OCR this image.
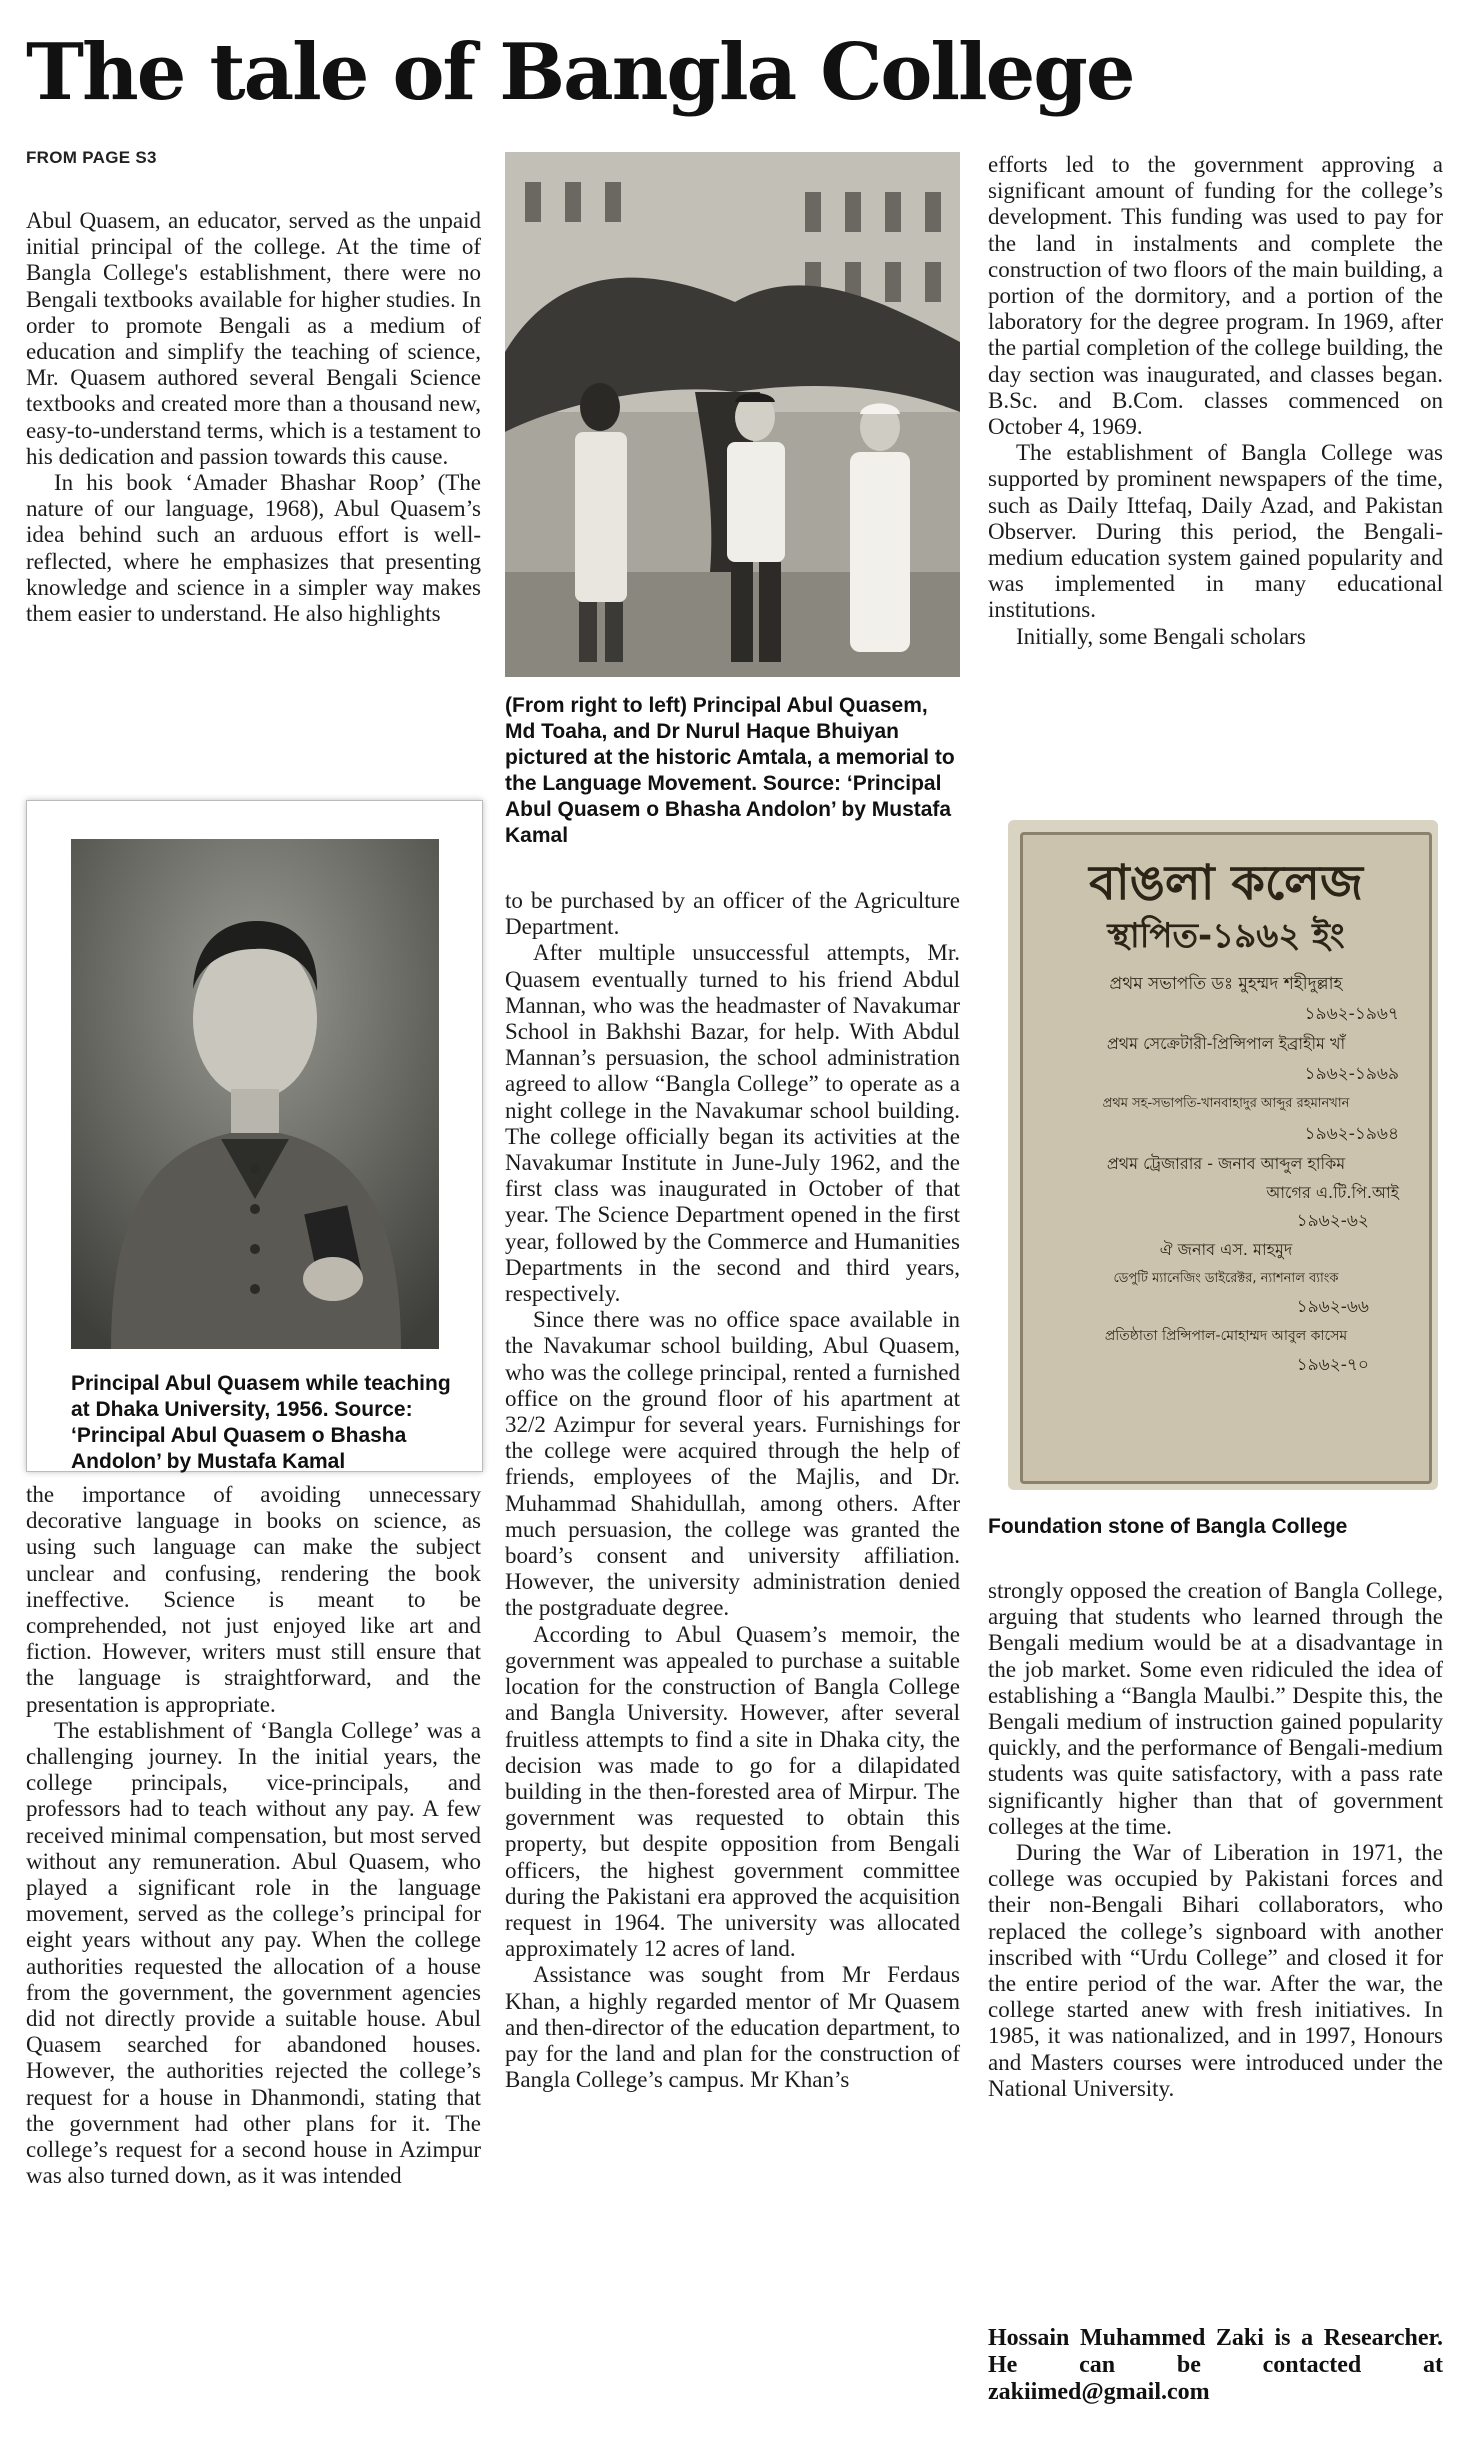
The tale of Bangla College
FROM PAGE S3

Abul Quasem, an educator, served as the unpaid initial principal of the college. At the time of Bangla College's establishment, there were no Bengali textbooks available for higher studies. In order to promote Bengali as a medium of education and simplify the teaching of science, Mr. Quasem authored several Bengali Science textbooks and created more than a thousand new, easy-to-understand terms, which is a testament to his dedication and passion towards this cause.

In his book ‘Amader Bhashar Roop’ (The nature of our language, 1968), Abul Quasem’s idea behind such an arduous effort is well-reflected, where he emphasizes that presenting knowledge and science in a simpler way makes them easier to understand. He also highlights

Principal Abul Quasem while teaching at Dhaka University, 1956. Source: ‘Principal Abul Quasem o Bhasha Andolon’ by Mustafa Kamal

the importance of avoiding unnecessary decorative language in books on science, as using such language can make the subject unclear and confusing, rendering the book ineffective. Science is meant to be comprehended, not just enjoyed like art and fiction. However, writers must still ensure that the language is straightforward, and the presentation is appropriate.

The establishment of ‘Bangla College’ was a challenging journey. In the initial years, the college principals, vice-principals, and professors had to teach without any pay. A few received minimal compensation, but most served without any remuneration. Abul Quasem, who played a significant role in the language movement, served as the college’s principal for eight years without any pay. When the college authorities requested the allocation of a house from the government, the government agencies did not directly provide a suitable house. Abul Quasem searched for abandoned houses. However, the authorities rejected the college’s request for a house in Dhanmondi, stating that the government had other plans for it. The college’s request for a second house in Azimpur was also turned down, as it was intended

(From right to left) Principal Abul Quasem, Md Toaha, and Dr Nurul Haque Bhuiyan pictured at the historic Amtala, a memorial to the Language Movement. Source: ‘Principal Abul Quasem o Bhasha Andolon’ by Mustafa Kamal

to be purchased by an officer of the Agriculture Department.

After multiple unsuccessful attempts, Mr. Quasem eventually turned to his friend Abdul Mannan, who was the headmaster of Navakumar School in Bakhshi Bazar, for help. With Abdul Mannan’s persuasion, the school administration agreed to allow “Bangla College” to operate as a night college in the Navakumar school building. The college officially began its activities at the Navakumar Institute in June-July 1962, and the first class was inaugurated in October of that year. The Science Department opened in the first year, followed by the Commerce and Humanities Departments in the second and third years, respectively.

Since there was no office space available in the Navakumar school building, Abul Quasem, who was the college principal, rented a furnished office on the ground floor of his apartment at 32/2 Azimpur for several years. Furnishings for the college were acquired through the help of friends, employees of the Majlis, and Dr. Muhammad Shahidullah, among others. After much persuasion, the college was granted the board’s consent and university affiliation. However, the university administration denied the postgraduate degree.

According to Abul Quasem’s memoir, the government was appealed to purchase a suitable location for the construction of Bangla College and Bangla University. However, after several fruitless attempts to find a site in Dhaka city, the decision was made to go for a dilapidated building in the then-forested area of Mirpur. The government was requested to obtain this property, but despite opposition from Bengali officers, the highest government committee during the Pakistani era approved the acquisition request in 1964. The university was allocated approximately 12 acres of land.

Assistance was sought from Mr Ferdaus Khan, a highly regarded mentor of Mr Quasem and then-director of the education department, to pay for the land and plan for the construction of Bangla College’s campus. Mr Khan’s

efforts led to the government approving a significant amount of funding for the college’s development. This funding was used to pay for the land in instalments and complete the construction of two floors of the main building, a portion of the dormitory, and a portion of the laboratory for the degree program. In 1969, after the partial completion of the college building, the day section was inaugurated, and classes began. B.Sc. and B.Com. classes commenced on October 4, 1969.

The establishment of Bangla College was supported by prominent newspapers of the time, such as Daily Ittefaq, Daily Azad, and Pakistan Observer. During this period, the Bengali-medium education system gained popularity and was implemented in many educational institutions.

Initially, some Bengali scholars

বাঙলা কলেজ
স্থাপিত-১৯৬২ ইং
প্রথম সভাপতি ডঃ মুহম্মদ শহীদুল্লাহ
১৯৬২-১৯৬৭
প্রথম সেক্রেটারী-প্রিন্সিপাল ইব্রাহীম খাঁ
১৯৬২-১৯৬৯
প্রথম সহ-সভাপতি-খানবাহাদুর আব্দুর রহমানখান
১৯৬২-১৯৬৪
প্রথম ট্রেজারার - জনাব আব্দুল হাকিম
আগের এ.টি.পি.আই
১৯৬২-৬২
ঐ জনাব এস. মাহমুদ
ডেপুটি ম্যানেজিং ডাইরেক্টর, ন্যাশনাল ব্যাংক
১৯৬২-৬৬
প্রতিষ্ঠাতা প্রিন্সিপাল-মোহাম্মদ আবুল কাসেম
১৯৬২-৭০
Foundation stone of Bangla College

strongly opposed the creation of Bangla College, arguing that students who learned through the Bengali medium would be at a disadvantage in the job market. Some even ridiculed the idea of establishing a “Bangla Maulbi.” Despite this, the Bengali medium of instruction gained popularity quickly, and the performance of Bengali-medium students was quite satisfactory, with a pass rate significantly higher than that of government colleges at the time.

During the War of Liberation in 1971, the college was occupied by Pakistani forces and their non-Bengali Bihari collaborators, who replaced the college’s signboard with another inscribed with “Urdu College” and closed it for the entire period of the war. After the war, the college started anew with fresh initiatives. In 1985, it was nationalized, and in 1997, Honours and Masters courses were introduced under the National University.

Hossain Muhammed Zaki is a Researcher. He can be contacted at zakiimed@gmail.com
